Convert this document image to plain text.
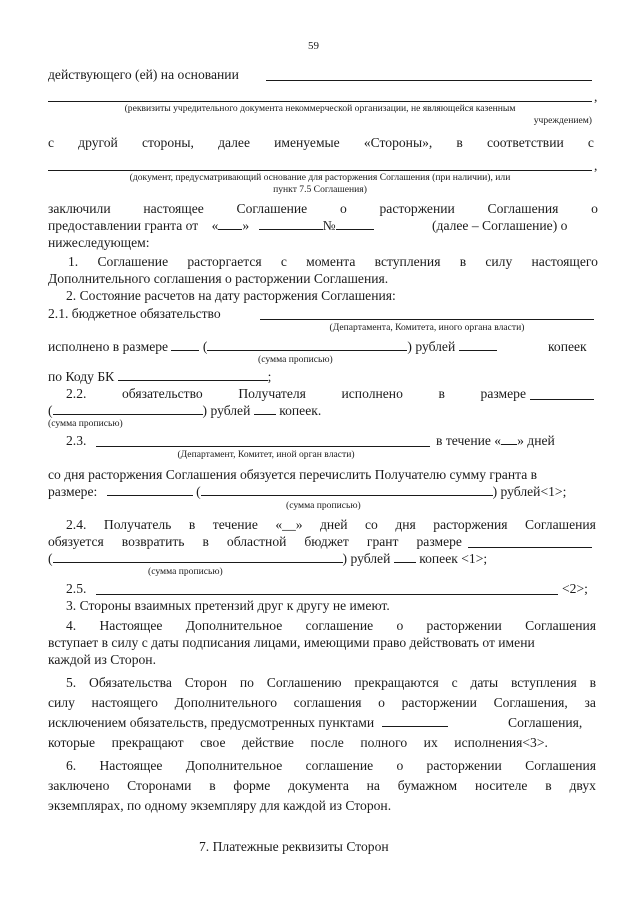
59
действующего (ей) на основании
,
(реквизиты учредительного документа некоммерческой организации, не являющейся казенным
учреждением)
с другой стороны, далее именуемые «Стороны», в соответствии с
,
(документ, предусматривающий основание для расторжения Соглашения (при наличии), или
пункт 7.5 Соглашения)
заключили настоящее Соглашение о расторжении Соглашения о
предоставлении гранта от « »	№	(далее – Соглашение) о
нижеследующем:
1. Соглашение расторгается с момента вступления в силу настоящего
Дополнительного соглашения о расторжении Соглашения.
2. Состояние расчетов на дату расторжения Соглашения:
2.1. бюджетное обязательство
(Департамента, Комитета, иного органа власти)
исполнено в размере	(	) рублей	копеек
(сумма прописью)
по Коду БК	;
2.2.	обязательство	Получателя	исполнено	в	размере
(	) рублей копеек.
(сумма прописью)
2.3.	в течение « » дней
(Департамент, Комитет, иной орган власти)
со дня расторжения Соглашения обязуется перечислить Получателю сумму гранта в
размере:	(	) рублей<1>;
(сумма прописью)
2.4. Получатель в течение «__» дней со дня расторжения Соглашения
обязуется возвратить в областной бюджет грант размере
(	) рублей копеек <1>;
(сумма прописью)
2.5.	<2>;
3. Стороны взаимных претензий друг к другу не имеют.
4. Настоящее Дополнительное соглашение о расторжении Соглашения
вступает в силу с даты подписания лицами, имеющими право действовать от имени
каждой из Сторон.
5. Обязательства Сторон по Соглашению прекращаются с даты вступления в
силу настоящего Дополнительного соглашения о расторжении Соглашения, за
исключением обязательств, предусмотренных пунктами	Соглашения,
которые прекращают свое действие после полного их исполнения<3>.
6. Настоящее Дополнительное соглашение о расторжении Соглашения
заключено Сторонами в форме документа на бумажном носителе в двух
экземплярах, по одному экземпляру для каждой из Сторон.
7. Платежные реквизиты Сторон
